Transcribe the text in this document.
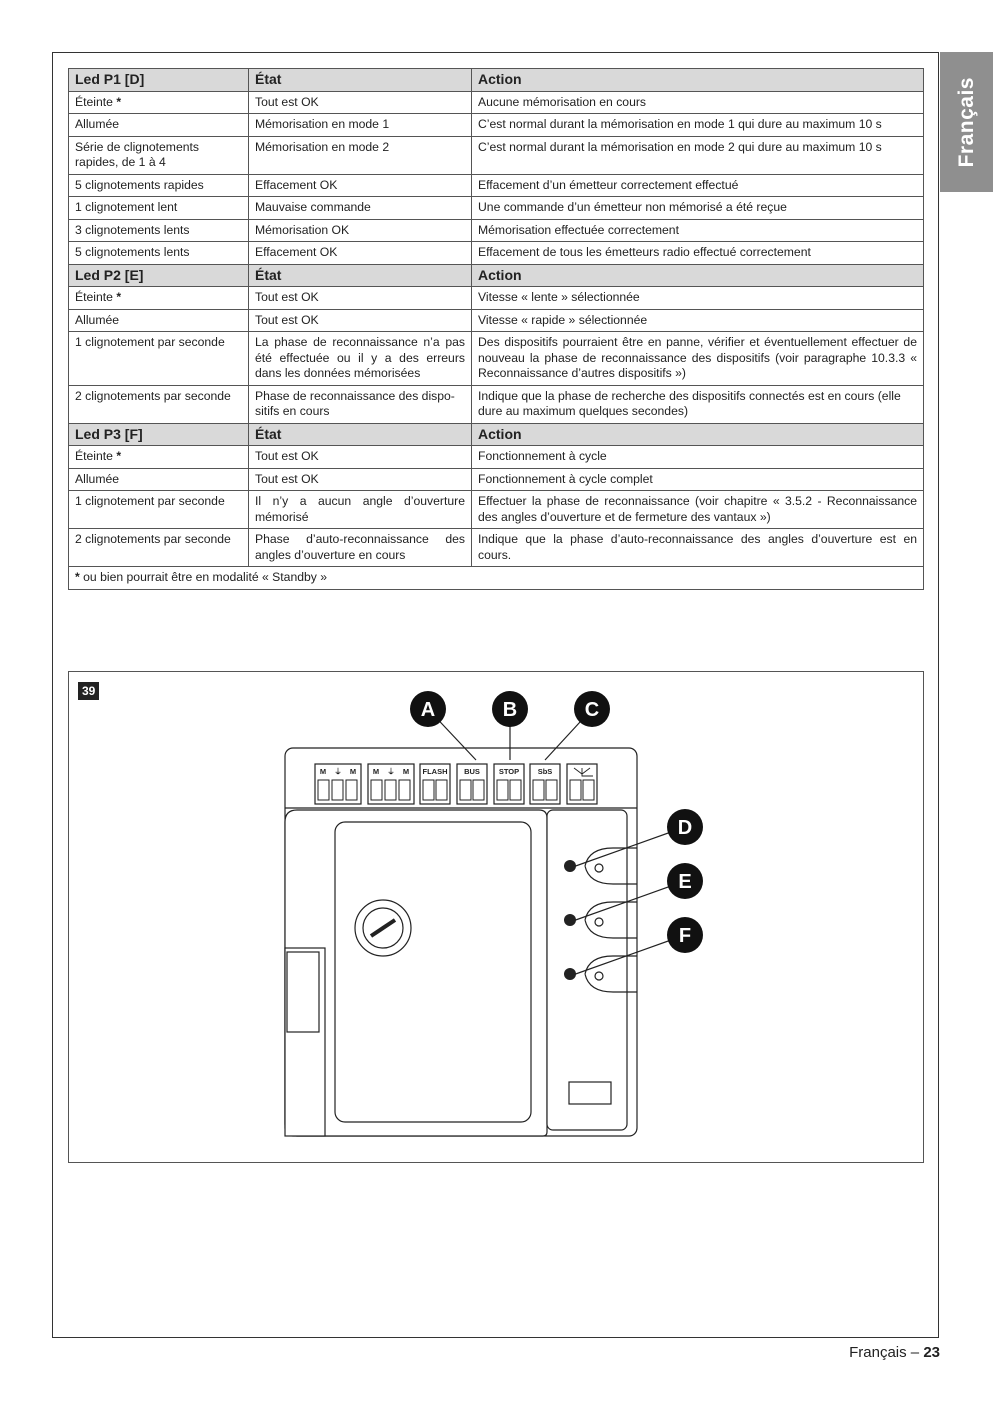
Français
Led P1 [D]	État	Action
Éteinte *	Tout est OK	Aucune mémorisation en cours
Allumée	Mémorisation en mode 1	C’est normal durant la mémorisation en mode 1 qui dure au maximum 10 s
Série de clignotements rapides, de 1 à 4	Mémorisation en mode 2	C’est normal durant la mémorisation en mode 2 qui dure au maximum 10 s
5 clignotements rapides	Effacement OK	Effacement d’un émetteur correctement effectué
1 clignotement lent	Mauvaise commande	Une commande d’un émetteur non mémorisé a été reçue
3 clignotements lents	Mémorisation OK	Mémorisation effectuée correctement
5 clignotements lents	Effacement OK	Effacement de tous les émetteurs radio effectué correctement
Led P2 [E]	État	Action
Éteinte *	Tout est OK	Vitesse « lente » sélectionnée
Allumée	Tout est OK	Vitesse « rapide » sélectionnée
1 clignotement par seconde	La phase de reconnaissance n’a pas été effectuée ou il y a des erreurs dans les données mémorisées	Des dispositifs pourraient être en panne, vérifier et éventuellement effectuer de nouveau la phase de reconnaissance des dispositifs (voir paragraphe 10.3.3 « Reconnaissance d’autres dispositifs »)
2 clignotements par seconde	Phase de reconnaissance des dispo-sitifs en cours	Indique que la phase de recherche des dispositifs connectés est en cours (elle dure au maximum quelques secondes)
Led P3 [F]	État	Action
Éteinte *	Tout est OK	Fonctionnement à cycle
Allumée	Tout est OK	Fonctionnement à cycle complet
1 clignotement par seconde	Il n’y a aucun angle d’ouverture mémorisé	Effectuer la phase de reconnaissance (voir chapitre « 3.5.2 - Reconnaissance des angles d’ouverture et de fermeture des vantaux »)
2 clignotements par seconde	Phase d’auto-reconnaissance des angles d’ouverture en cours	Indique que la phase d’auto-reconnaissance des angles d’ouverture est en cours.
* ou bien pourrait être en modalité « Standby »		
39
M ⏚ M M ⏚ M FLASH BUS	STOP SbS
A	B	C
D
E
F
Français – 23
